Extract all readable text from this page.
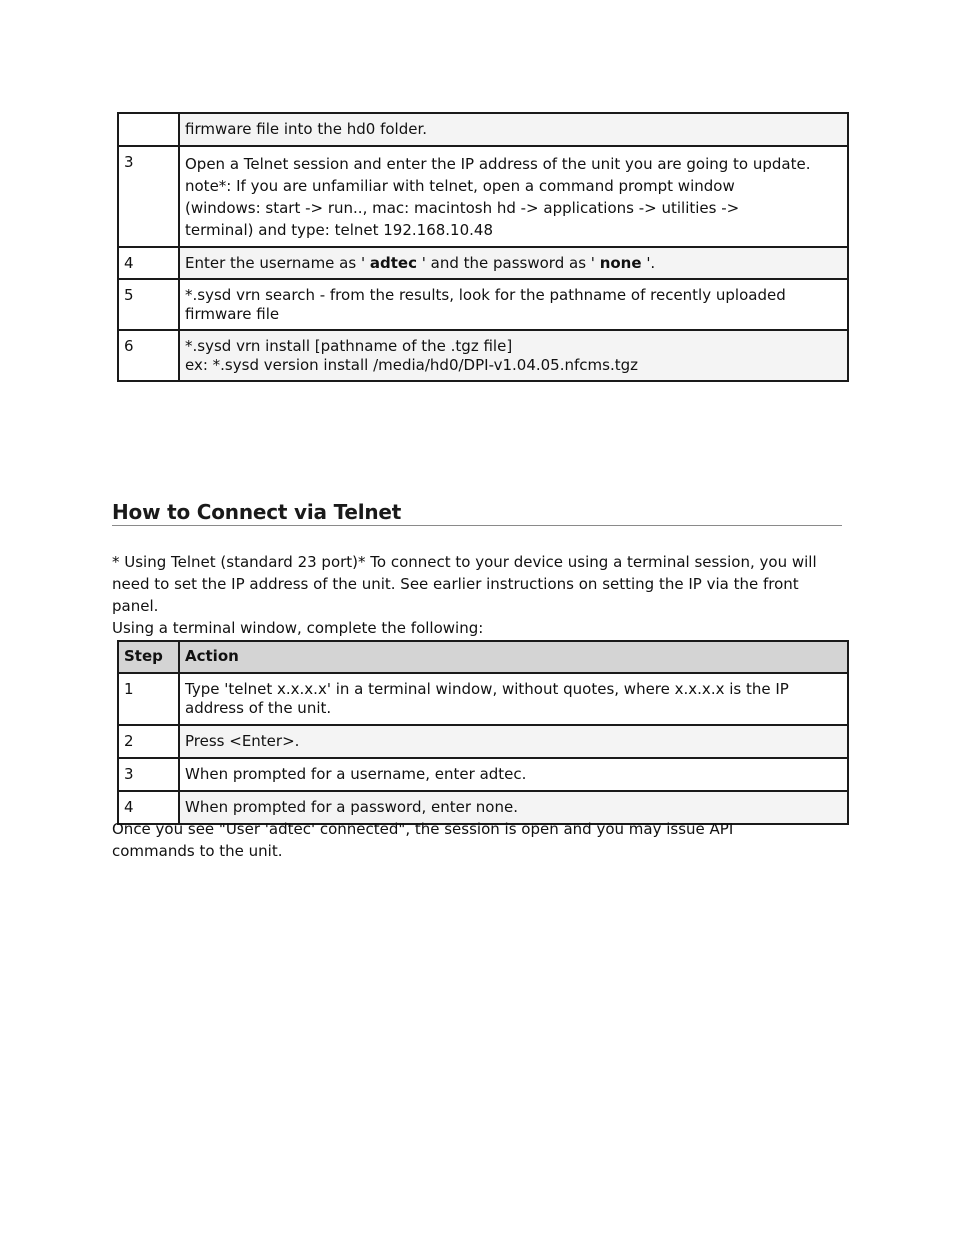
	firmware file into the hd0 folder.

3	Open a Telnet session and enter the IP address of the unit you are going to update.
note*: If you are unfamiliar with telnet, open a command prompt window
(windows: start -> run.., mac: macintosh hd -> applications -> utilities ->
terminal) and type: telnet 192.168.10.48

4	Enter the username as ' adtec ' and the password as ' none '.
5	*.sysd vrn search - from the results, look for the pathname of recently uploaded firmware file

6	*.sysd vrn install [pathname of the .tgz file]
ex: *.sysd version install /media/hd0/DPI-v1.04.05.nfcms.tgz
How to Connect via Telnet

* Using Telnet (standard 23 port)* To connect to your device using a terminal session, you will need to set the IP address of the unit. See earlier instructions on setting the IP via the front panel.

Using a terminal window, complete the following:

Step	Action
1	Type 'telnet x.x.x.x' in a terminal window, without quotes, where x.x.x.x is the IP address of the unit.
2	Press <Enter>.
3	When prompted for a username, enter adtec.
4	When prompted for a password, enter none.

Once you see "User 'adtec' connected", the session is open and you may issue API commands to the unit.
